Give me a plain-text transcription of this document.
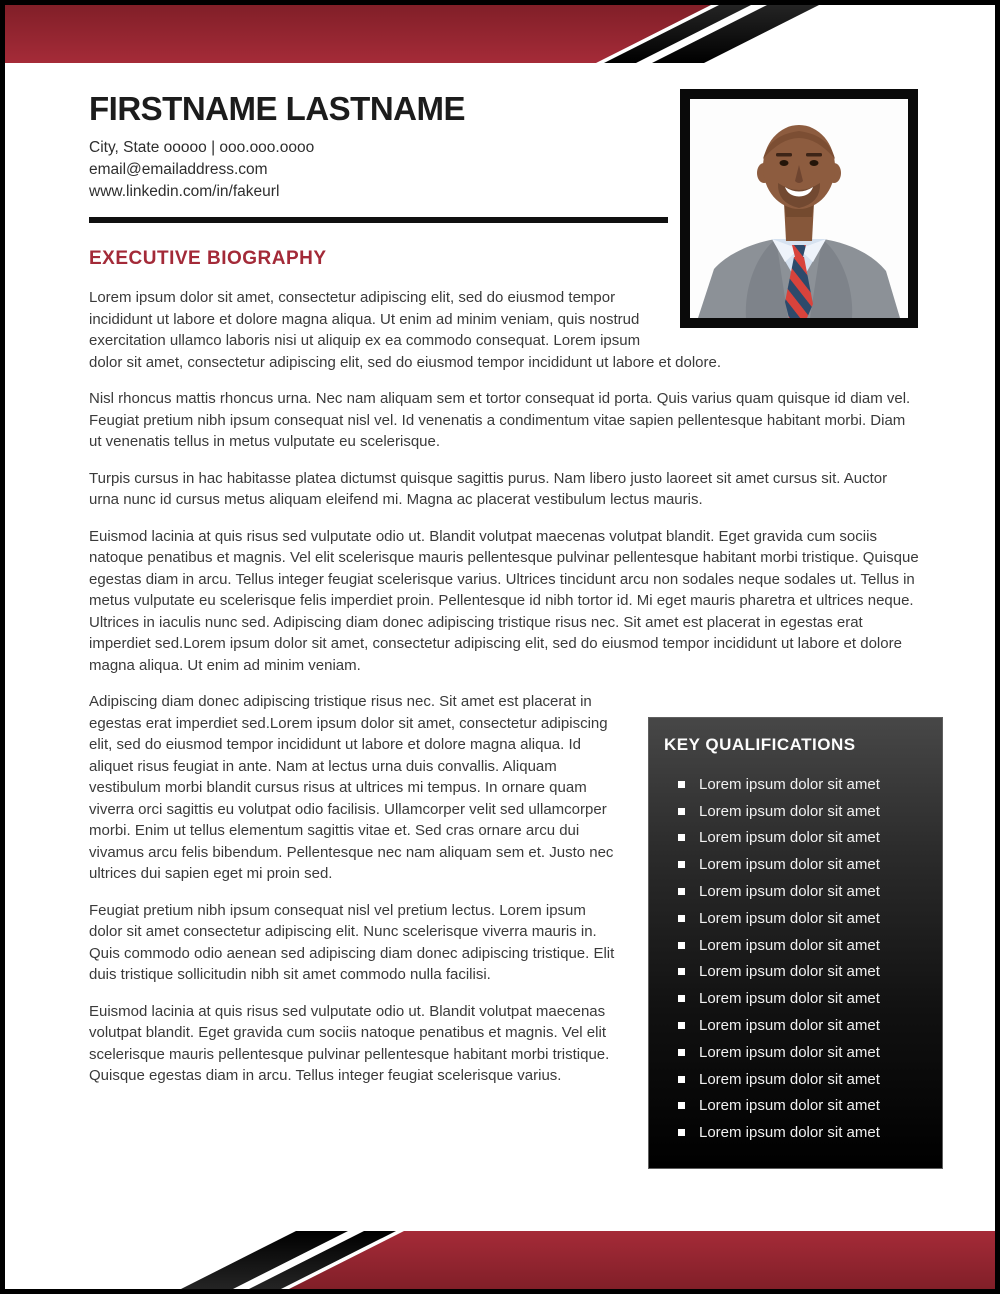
FIRSTNAME LASTNAME

City, State ooooo | ooo.ooo.oooo

email@emailaddress.com

www.linkedin.com/in/fakeurl

EXECUTIVE BIOGRAPHY

Lorem ipsum dolor sit amet, consectetur adipiscing elit, sed do eiusmod tempor incididunt ut labore et dolore magna aliqua. Ut enim ad minim veniam, quis nostrud exercitation ullamco laboris nisi ut aliquip ex ea commodo consequat. Lorem ipsum dolor sit amet, consectetur adipiscing elit, sed do eiusmod tempor incididunt ut labore et dolore.

Nisl rhoncus mattis rhoncus urna. Nec nam aliquam sem et tortor consequat id porta. Quis varius quam quisque id diam vel. Feugiat pretium nibh ipsum consequat nisl vel. Id venenatis a condimentum vitae sapien pellentesque habitant morbi. Diam ut venenatis tellus in metus vulputate eu scelerisque.

Turpis cursus in hac habitasse platea dictumst quisque sagittis purus. Nam libero justo laoreet sit amet cursus sit. Auctor urna nunc id cursus metus aliquam eleifend mi. Magna ac placerat vestibulum lectus mauris.

Euismod lacinia at quis risus sed vulputate odio ut. Blandit volutpat maecenas volutpat blandit. Eget gravida cum sociis natoque penatibus et magnis. Vel elit scelerisque mauris pellentesque pulvinar pellentesque habitant morbi tristique. Quisque egestas diam in arcu. Tellus integer feugiat scelerisque varius. Ultrices tincidunt arcu non sodales neque sodales ut. Tellus in metus vulputate eu scelerisque felis imperdiet proin. Pellentesque id nibh tortor id. Mi eget mauris pharetra et ultrices neque. Ultrices in iaculis nunc sed. Adipiscing diam donec adipiscing tristique risus nec. Sit amet est placerat in egestas erat imperdiet sed.Lorem ipsum dolor sit amet, consectetur adipiscing elit, sed do eiusmod tempor incididunt ut labore et dolore magna aliqua. Ut enim ad minim veniam.

KEY QUALIFICATIONS
Lorem ipsum dolor sit amet
Lorem ipsum dolor sit amet
Lorem ipsum dolor sit amet
Lorem ipsum dolor sit amet
Lorem ipsum dolor sit amet
Lorem ipsum dolor sit amet
Lorem ipsum dolor sit amet
Lorem ipsum dolor sit amet
Lorem ipsum dolor sit amet
Lorem ipsum dolor sit amet
Lorem ipsum dolor sit amet
Lorem ipsum dolor sit amet
Lorem ipsum dolor sit amet
Lorem ipsum dolor sit amet

Adipiscing diam donec adipiscing tristique risus nec. Sit amet est placerat in egestas erat imperdiet sed.Lorem ipsum dolor sit amet, consectetur adipiscing elit, sed do eiusmod tempor incididunt ut labore et dolore magna aliqua. Id aliquet risus feugiat in ante. Nam at lectus urna duis convallis. Aliquam vestibulum morbi blandit cursus risus at ultrices mi tempus. In ornare quam viverra orci sagittis eu volutpat odio facilisis. Ullamcorper velit sed ullamcorper morbi. Enim ut tellus elementum sagittis vitae et. Sed cras ornare arcu dui vivamus arcu felis bibendum. Pellentesque nec nam aliquam sem et. Justo nec ultrices dui sapien eget mi proin sed.

Feugiat pretium nibh ipsum consequat nisl vel pretium lectus. Lorem ipsum dolor sit amet consectetur adipiscing elit. Nunc scelerisque viverra mauris in. Quis commodo odio aenean sed adipiscing diam donec adipiscing tristique. Elit duis tristique sollicitudin nibh sit amet commodo nulla facilisi.

Euismod lacinia at quis risus sed vulputate odio ut. Blandit volutpat maecenas volutpat blandit. Eget gravida cum sociis natoque penatibus et magnis. Vel elit scelerisque mauris pellentesque pulvinar pellentesque habitant morbi tristique. Quisque egestas diam in arcu. Tellus integer feugiat scelerisque varius.
